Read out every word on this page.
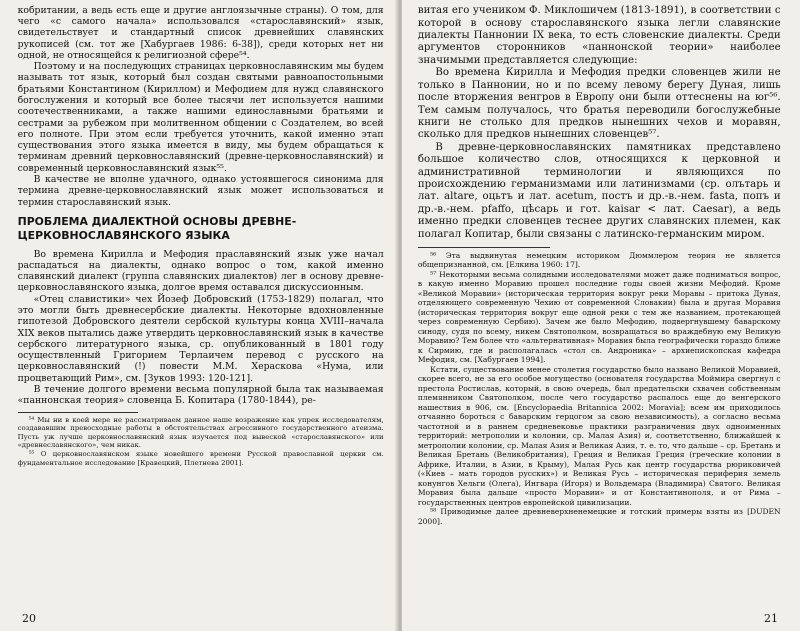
кобритании, а ведь есть еще и другие англоязычные страны). О том, для чего «с самого начала» использовался «старославянский» язык, свидетельствует и стандартный список древнейших славянских рукописей (см. тот же [Хабургаев 1986: 6-38]), среди которых нет ни одной, не относящейся к религиозной сфере⁵⁴.

Поэтому и на последующих страницах церковнославянским мы будем называть тот язык, который был создан святыми равноапостольными братьями Константином (Кириллом) и Мефодием для нужд славянского богослужения и который все более тысячи лет используется нашими соотечественниками, а также нашими единославными братьями и сестрами за рубежом при молитвенном общении с Создателем, во всей его полноте. При этом если требуется уточнить, какой именно этап существования этого языка имеется в виду, мы будем обращаться к терминам древний церковнославянский (древне-церковнославянский) и современный церковнославянский язык⁵⁵.

В качестве не вполне удачного, однако устоявшегося синонима для термина древне-церковнославянский язык может использоваться и термин старославянский язык.

ПРОБЛЕМА ДИАЛЕКТНОЙ ОСНОВЫ ДРЕВНЕ-ЦЕРКОВНОСЛАВЯНСКОГО ЯЗЫКА

Во времена Кирилла и Мефодия праславянский язык уже начал распадаться на диалекты, однако вопрос о том, какой именно славянский диалект (группа славянских диалектов) лег в основу древне-церковнославянского языка, долгое время оставался дискуссионным.

«Отец славистики» чех Йозеф Добровский (1753-1829) полагал, что это могли быть древнесербские диалекты. Некоторые вдохновленные гипотезой Добровского деятели сербской культуры конца XVIII–начала XIX веков пытались даже утвердить церковнославянский язык в качестве сербского литературного языка, ср. опубликованный в 1801 году осуществленный Григорием Терлаичем перевод с русского на церковнославянский (!) повести М.М. Хераскова «Нума, или процветающий Рим», см. [Зуков 1993: 120-121].

В течение долгого времени весьма популярной была так называемая «паннонская теория» словенца Б. Копитара (1780-1844), ре-

⁵⁴ Мы ни в коей мере не рассматриваем данное наше возражение как упрек исследователям, создававшим превосходные работы в обстоятельствах агрессивного государственного атеизма. Пусть уж лучше церковнославянский язык изучается под вывеской «староcлавянского» или «древнеславянского», чем никак.

⁵⁵ О церковнославянском языке новейшего времени Русской православной церкви см. фундаментальное исследование [Кравецкий, Плетнева 2001].

20

витая его учеником Ф. Миклошичем (1813-1891), в соответствии с которой в основу старославянского языка легли славянские диалекты Паннонии IX века, то есть словенские диалекты. Среди аргументов сторонников «паннонской теории» наиболее значимыми представляется следующие:

Во времена Кирилла и Мефодия предки словенцев жили не только в Паннонии, но и по всему левому берегу Дуная, лишь после вторжения венгров в Европу они были оттеснены на юг⁵⁶. Тем самым получалось, что братья переводили богослужебные книги не столько для предков нынешних чехов и моравян, сколько для предков нынешних словенцев⁵⁷.

В древне-церковнославянских памятниках представлено большое количество слов, относящихся к церковной и административной терминологии и являющихся по происхождению германизмами или латинизмами (ср. олътарь и лат. altare, оцьтъ и лат. acetum, постъ и др.-в.-нем. fasta, попъ и др.-в.-нем. pfaffo, цѣсарь и гот. kaisar < лат. Caesar), а ведь именно предки словенцев теснее других славянских племен, как полагал Копитар, были связаны с латинско-германским миром.

⁵⁶ Эта выдвинутая немецким историком Дюммлером теория не является общепризнанной, см. [Елкина 1960: 17].

⁵⁷ Некоторыми весьма солидными исследователями может даже подниматься вопрос, в какую именно Моравию прошел последние годы своей жизни Мефодий. Кроме «Великой Моравии» (историческая территория вокруг реки Моравы – притока Дуная, отделяющего современную Чехию от современной Словакии) была и другая Моравия (историческая территория вокруг еще одной реки с тем же названием, протекающей через современную Сербию). Зачем же было Мефодию, подвергнувшему баварскому синоду, судя по всему, никем Святополком, возвращаться во враждебную ему Великую Моравию? Тем более что «альтернативная» Моравия была географически гораздо ближе к Сирмию, где и располагалась «стол св. Андроника» – архиепископская кафедра Мефодия, см. [Хабургаев 1994].

Кстати, существование менее столетия государство было названо Великой Моравией, скорее всего, не за его особое могущество (основателя государства Моймира свергнул с престола Ростислав, который, в свою очередь, был предательски схвачен собственным племянником Святополком, после чего государство распалось еще до венгерского нашествия в 906, см. [Encyclopaedia Britannica 2002: Moravia]; всем им приходилось отчаянно бороться с баварским герцогом за свою независимость), а согласно весьма частотной и в раннем средневековье практики разграничения двух одноименных территорий: метрополии и колонии, ср. Малая Азия) и, соответственно, ближайшей к метрополии колонии, ср. Малая Азия и Великая Азия, т. е. то, что дальше – ср. Бретань и Великая Бретань (Великобритания), Греция и Великая Греция (греческие колонии в Африке, Италии, в Азии, в Крыму), Малая Русь как центр государства рюриковичей («Киев – мать городов русских») и Великая Русь – историческая периферия земель конунгов Хельги (Олега), Ингвара (Игоря) и Вольдемара (Владимира) Святого. Великая Моравия была дальше «просто Моравии» и от Константинополя, и от Рима – государственных центров европейской цивилизации.

⁵⁸ Приводимые далее древневерхненемецкие и готский примеры взяты из [DUDEN 2000].

21
